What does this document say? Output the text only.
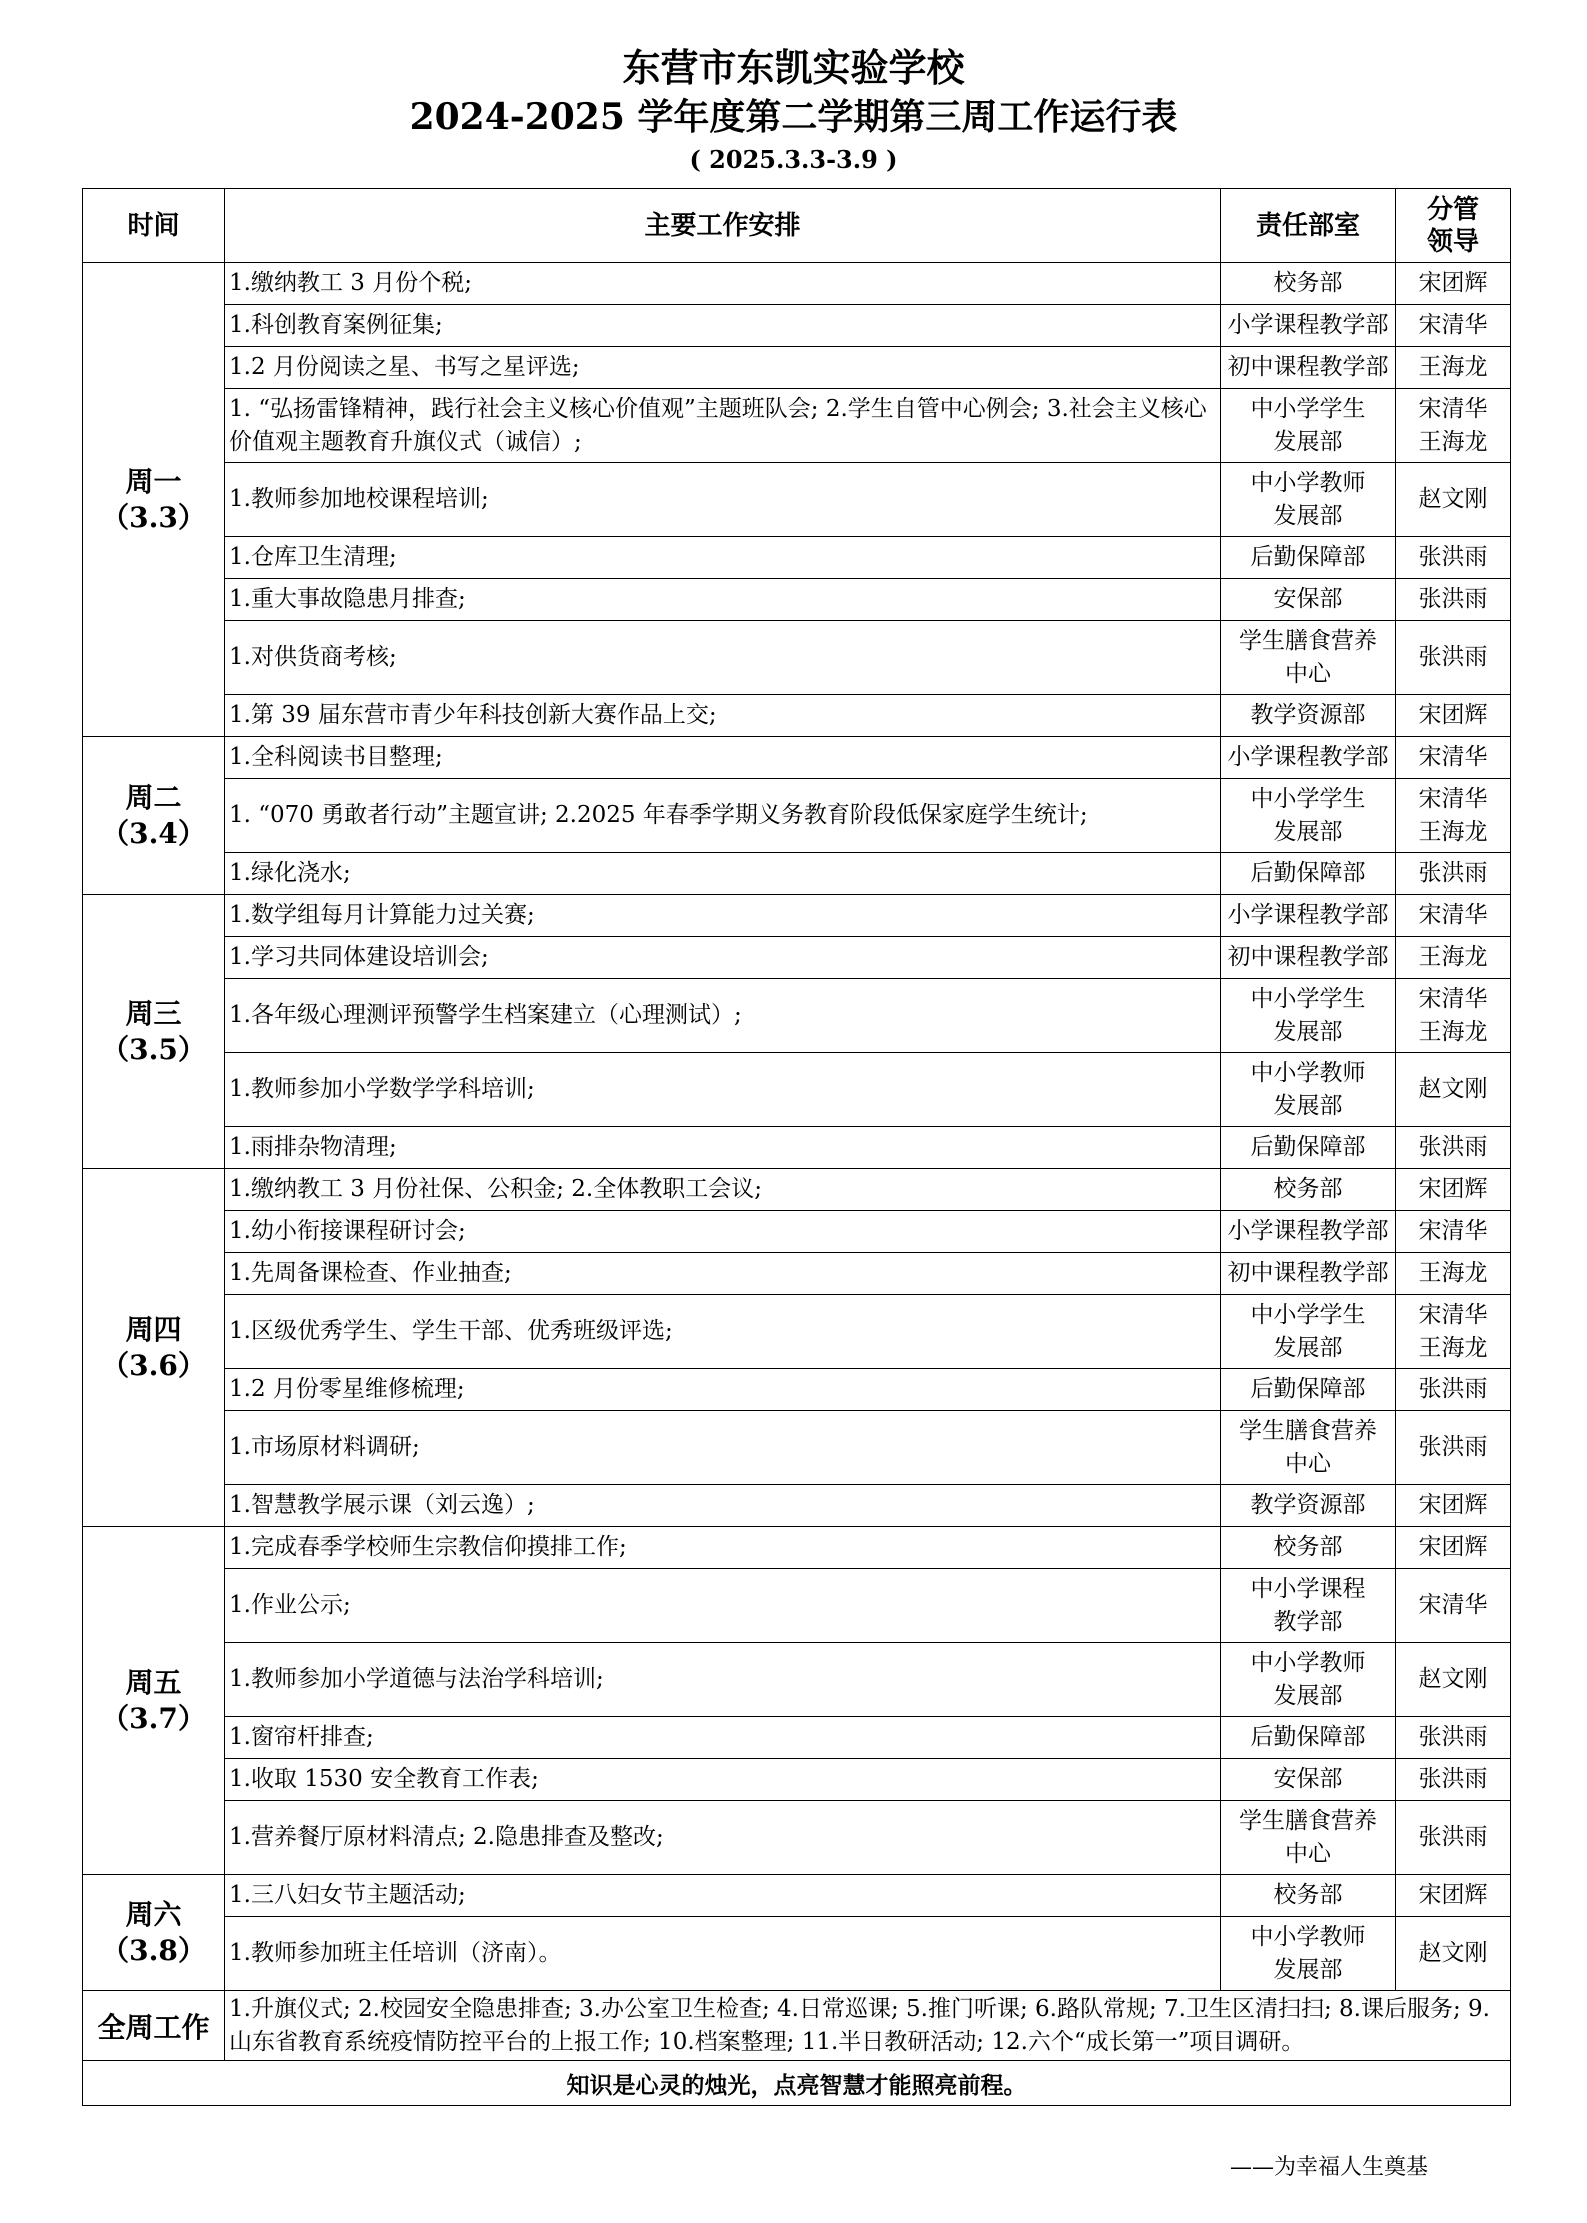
东营市东凯实验学校
2024-2025 学年度第二学期第三周工作运行表
( 2025.3.3-3.9 )
时间	主要工作安排	责任部室	分管
领导

周一
（3.3）	1.缴纳教工 3 月份个税;	校务部	宋团辉

	1.科创教育案例征集;	小学课程教学部	宋清华

	1.2 月份阅读之星、书写之星评选;	初中课程教学部	王海龙

	1. “弘扬雷锋精神，践行社会主义核心价值观”主题班队会; 2.学生自管中心例会; 3.社会主义核心价值观主题教育升旗仪式（诚信）;	中小学学生
发展部	宋清华
王海龙

	1.教师参加地校课程培训;	中小学教师
发展部	赵文刚

	1.仓库卫生清理;	后勤保障部	张洪雨

	1.重大事故隐患月排查;	安保部	张洪雨

	1.对供货商考核;	学生膳食营养
中心	张洪雨

	1.第 39 届东营市青少年科技创新大赛作品上交;	教学资源部	宋团辉

周二
（3.4）	1.全科阅读书目整理;	小学课程教学部	宋清华

	1. “070 勇敢者行动”主题宣讲; 2.2025 年春季学期义务教育阶段低保家庭学生统计;	中小学学生
发展部	宋清华
王海龙

	1.绿化浇水;	后勤保障部	张洪雨

周三
（3.5）	1.数学组每月计算能力过关赛;	小学课程教学部	宋清华

	1.学习共同体建设培训会;	初中课程教学部	王海龙

	1.各年级心理测评预警学生档案建立（心理测试）;	中小学学生
发展部	宋清华
王海龙

	1.教师参加小学数学学科培训;	中小学教师
发展部	赵文刚

	1.雨排杂物清理;	后勤保障部	张洪雨

周四
（3.6）	1.缴纳教工 3 月份社保、公积金; 2.全体教职工会议;	校务部	宋团辉

	1.幼小衔接课程研讨会;	小学课程教学部	宋清华

	1.先周备课检查、作业抽查;	初中课程教学部	王海龙

	1.区级优秀学生、学生干部、优秀班级评选;	中小学学生
发展部	宋清华
王海龙

	1.2 月份零星维修梳理;	后勤保障部	张洪雨

	1.市场原材料调研;	学生膳食营养
中心	张洪雨

	1.智慧教学展示课（刘云逸）;	教学资源部	宋团辉

周五
（3.7）	1.完成春季学校师生宗教信仰摸排工作;	校务部	宋团辉

	1.作业公示;	中小学课程
教学部	宋清华

	1.教师参加小学道德与法治学科培训;	中小学教师
发展部	赵文刚

	1.窗帘杆排查;	后勤保障部	张洪雨

	1.收取 1530 安全教育工作表;	安保部	张洪雨

	1.营养餐厅原材料清点; 2.隐患排查及整改;	学生膳食营养
中心	张洪雨

周六
（3.8）	1.三八妇女节主题活动;	校务部	宋团辉

	1.教师参加班主任培训（济南）。	中小学教师
发展部	赵文刚

全周工作	1.升旗仪式; 2.校园安全隐患排查; 3.办公室卫生检查; 4.日常巡课; 5.推门听课; 6.路队常规; 7.卫生区清扫扫; 8.课后服务; 9.山东省教育系统疫情防控平台的上报工作; 10.档案整理; 11.半日教研活动; 12.六个“成长第一”项目调研。		
知识是心灵的烛光，点亮智慧才能照亮前程。			
——为幸福人生奠基
